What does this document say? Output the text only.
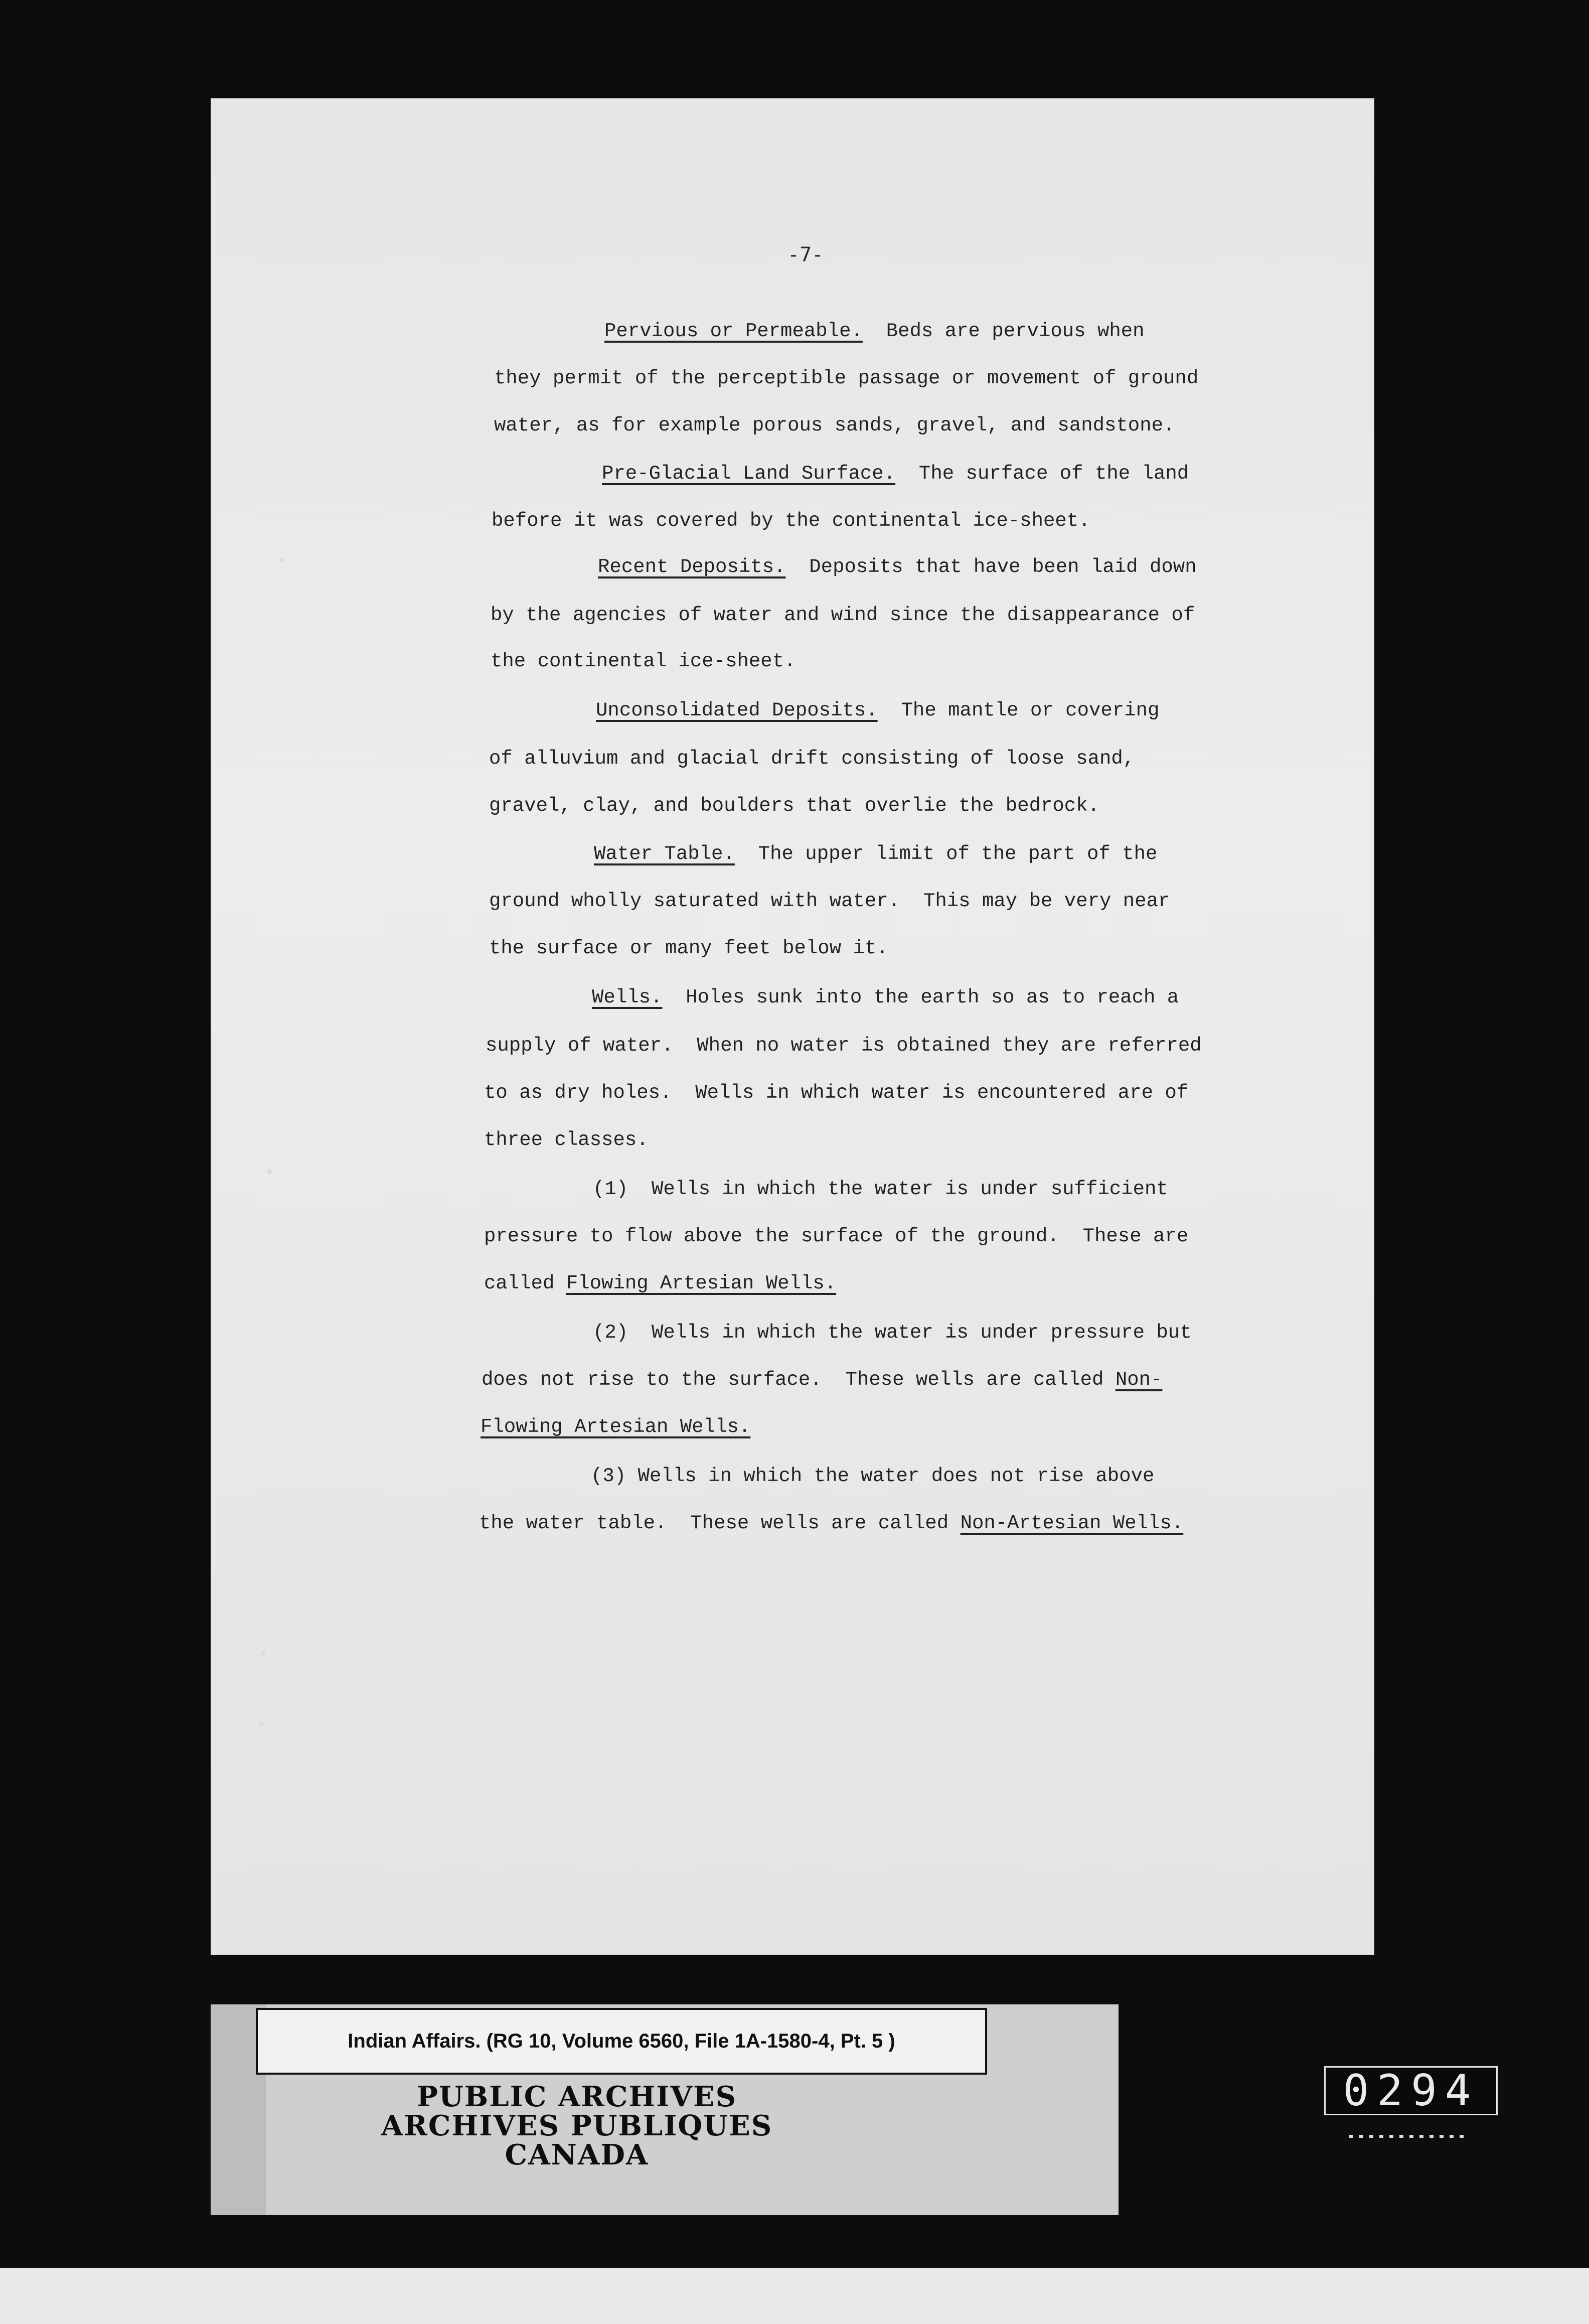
-7-
Pervious or Permeable. Beds are pervious when
they permit of the perceptible passage or movement of ground
water, as for example porous sands, gravel, and sandstone.
Pre-Glacial Land Surface. The surface of the land
before it was covered by the continental ice-sheet.
Recent Deposits. Deposits that have been laid down
by the agencies of water and wind since the disappearance of
the continental ice-sheet.
Unconsolidated Deposits. The mantle or covering
of alluvium and glacial drift consisting of loose sand,
gravel, clay, and boulders that overlie the bedrock.
Water Table. The upper limit of the part of the
ground wholly saturated with water.  This may be very near
the surface or many feet below it.
Wells. Holes sunk into the earth so as to reach a
supply of water.  When no water is obtained they are referred
to as dry holes.  Wells in which water is encountered are of
three classes.
(1)  Wells in which the water is under sufficient
pressure to flow above the surface of the ground.  These are
called Flowing Artesian Wells.
(2)  Wells in which the water is under pressure but
does not rise to the surface.  These wells are called Non-
Flowing Artesian Wells.
(3) Wells in which the water does not rise above
the water table.  These wells are called Non-Artesian Wells.
Indian Affairs. (RG 10, Volume 6560, File 1A-1580-4, Pt. 5 )
PUBLIC ARCHIVES
ARCHIVES PUBLIQUES
CANADA
0294
